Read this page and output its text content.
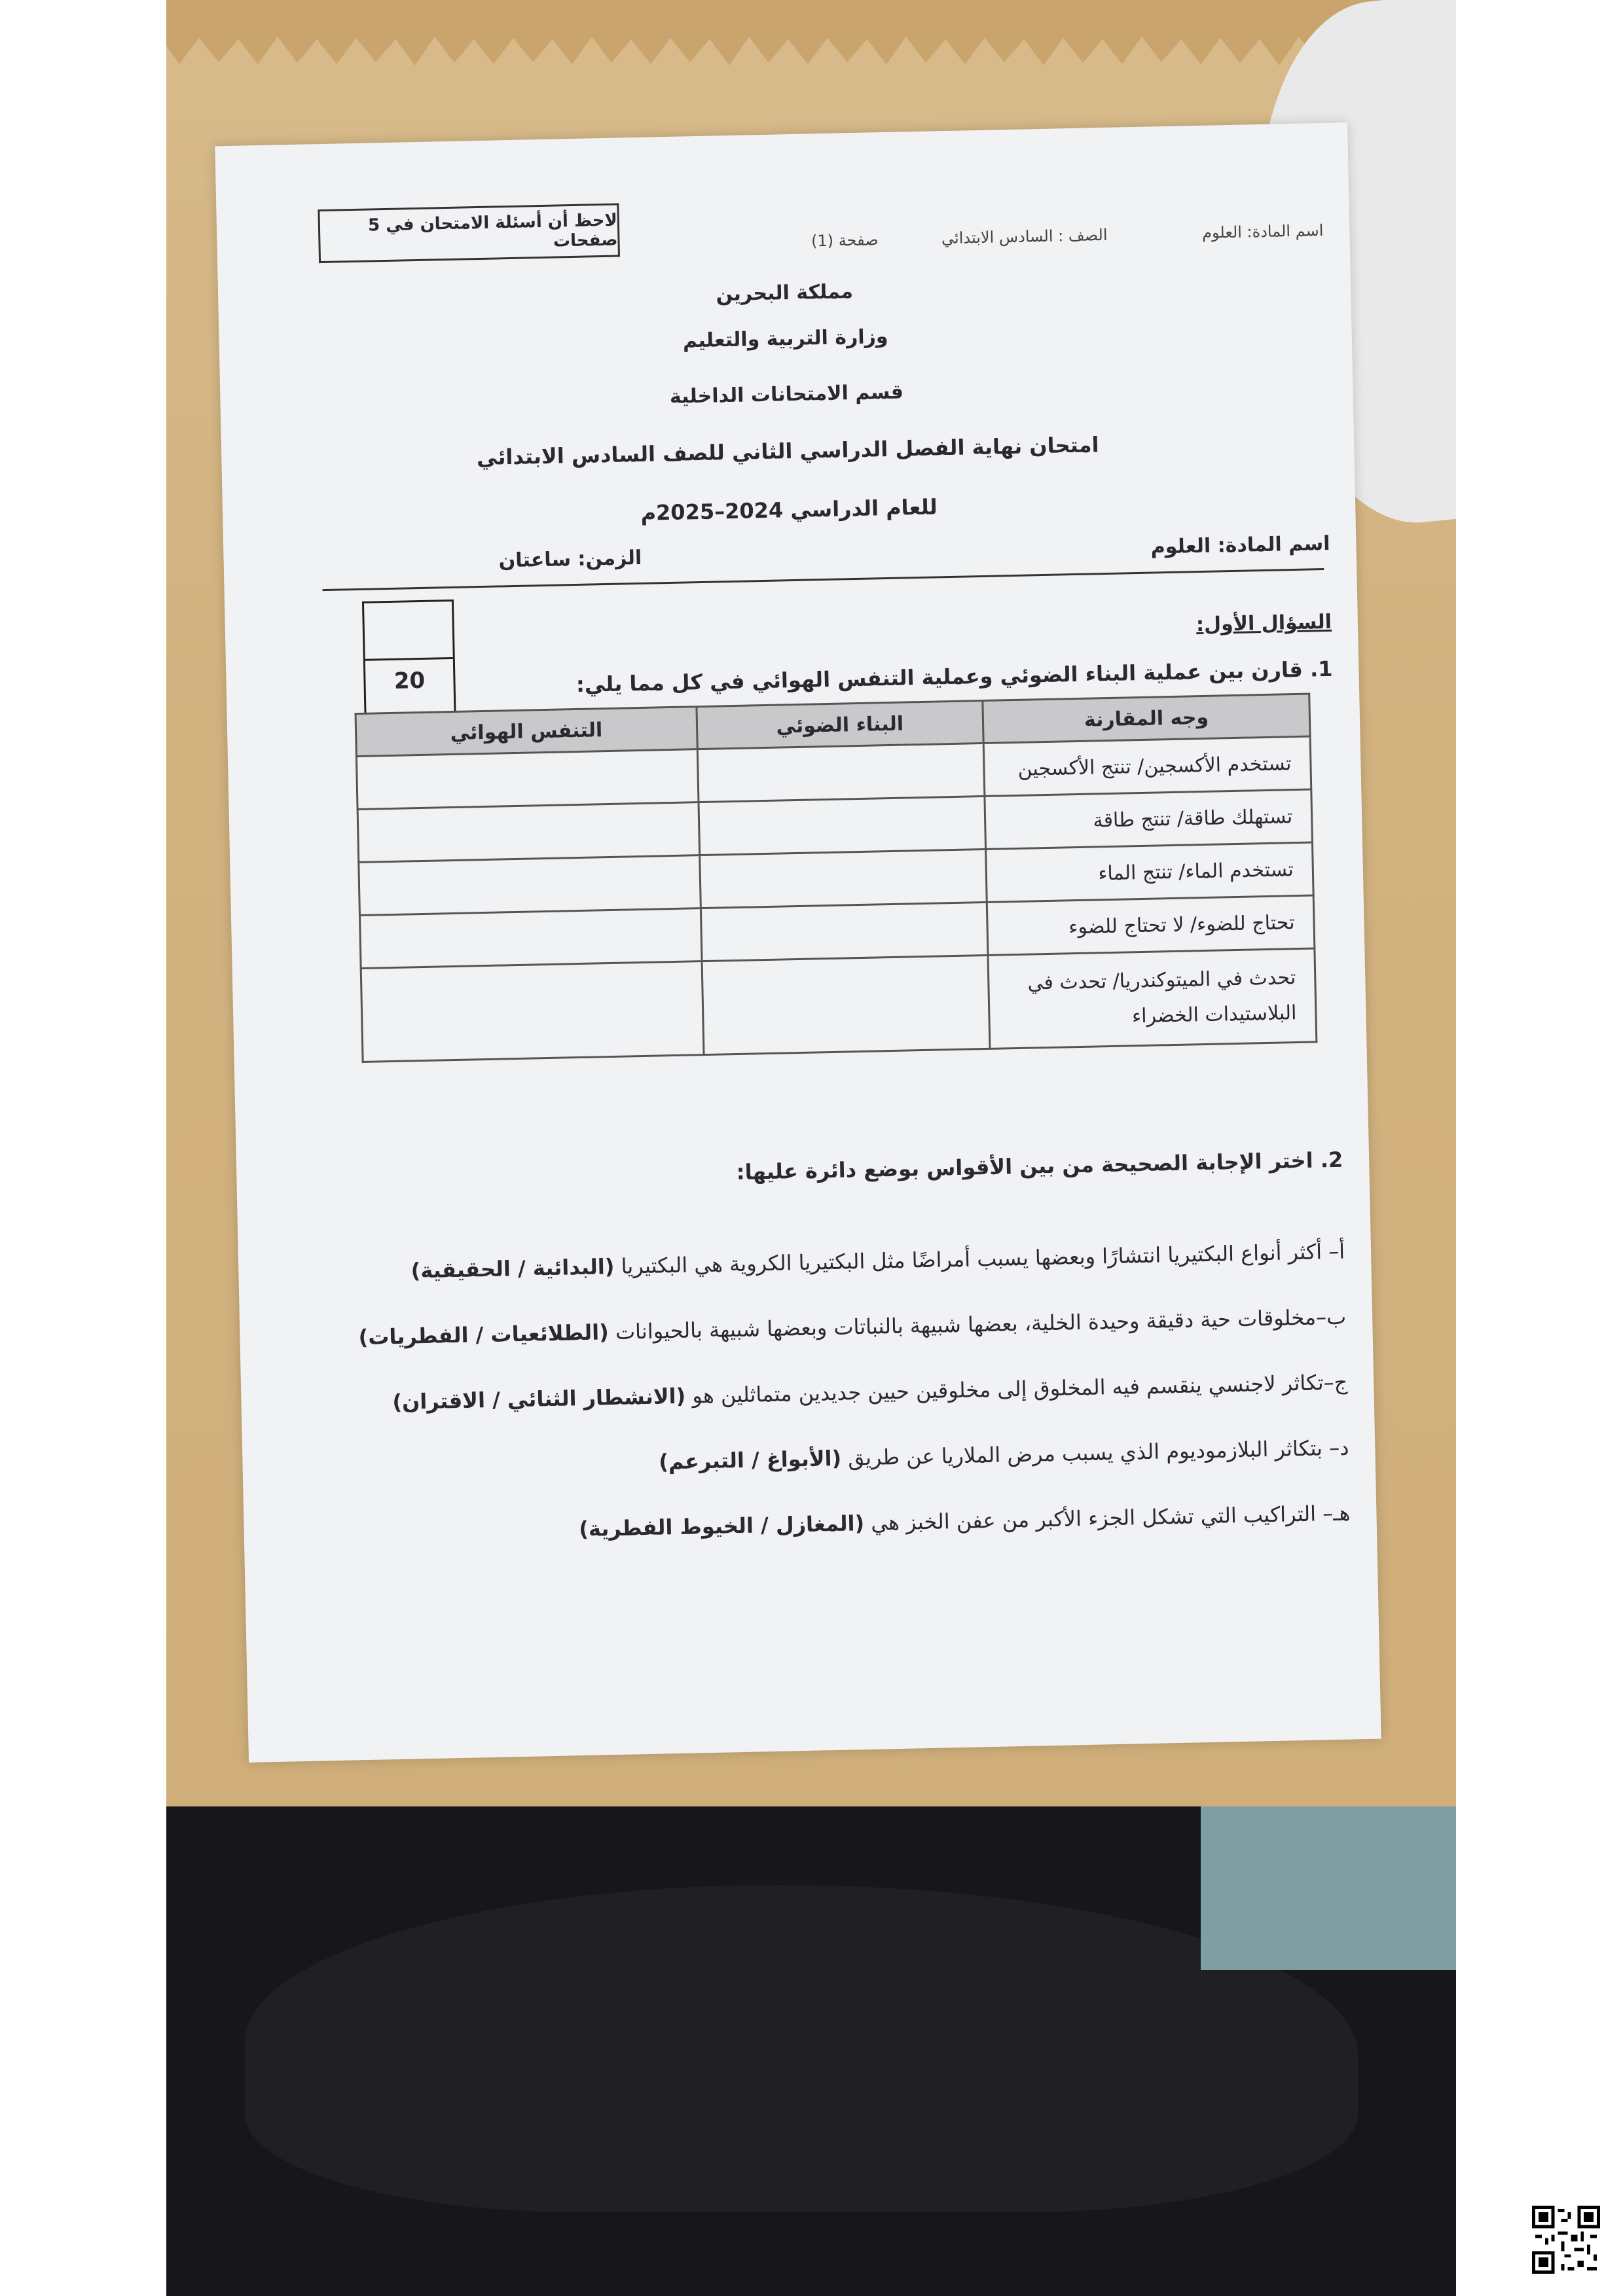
اسم المادة: العلوم
الصف : السادس الابتدائي
صفحة (1)
لاحظ أن أسئلة الامتحان في 5 صفحات
مملكة البحرين
وزارة التربية والتعليم
قسم الامتحانات الداخلية
امتحان نهاية الفصل الدراسي الثاني للصف السادس الابتدائي
للعام الدراسي 2024–2025م
اسم المادة: العلوم
الزمن: ساعتان
السؤال الأول:
20	1. قارن بين عملية البناء الضوئي وعملية التنفس الهوائي في كل مما يلي:
وجه المقارنة	البناء الضوئي	التنفس الهوائي
تستخدم الأكسجين/ تنتج الأكسجين		
تستهلك طاقة/ تنتج طاقة		
تستخدم الماء/ تنتج الماء		
تحتاج للضوء/ لا تحتاج للضوء		
تحدث في الميتوكندريا/ تحدث في البلاستيدات الخضراء		
2. اختر الإجابة الصحيحة من بين الأقواس بوضع دائرة عليها:
أ– أكثر أنواع البكتيريا انتشارًا وبعضها يسبب أمراضًا مثل البكتيريا الكروية هي البكتيريا (البدائية / الحقيقية)
ب–مخلوقات حية دقيقة وحيدة الخلية، بعضها شبيهة بالنباتات وبعضها شبيهة بالحيوانات (الطلائعيات / الفطريات)
ج–تكاثر لاجنسي ينقسم فيه المخلوق إلى مخلوقين حيين جديدين متماثلين هو (الانشطار الثنائي / الاقتران)
د– بتكاثر البلازموديوم الذي يسبب مرض الملاريا عن طريق (الأبواغ / التبرعم)
هـ– التراكيب التي تشكل الجزء الأكبر من عفن الخبز هي (المغازل / الخيوط الفطرية)
